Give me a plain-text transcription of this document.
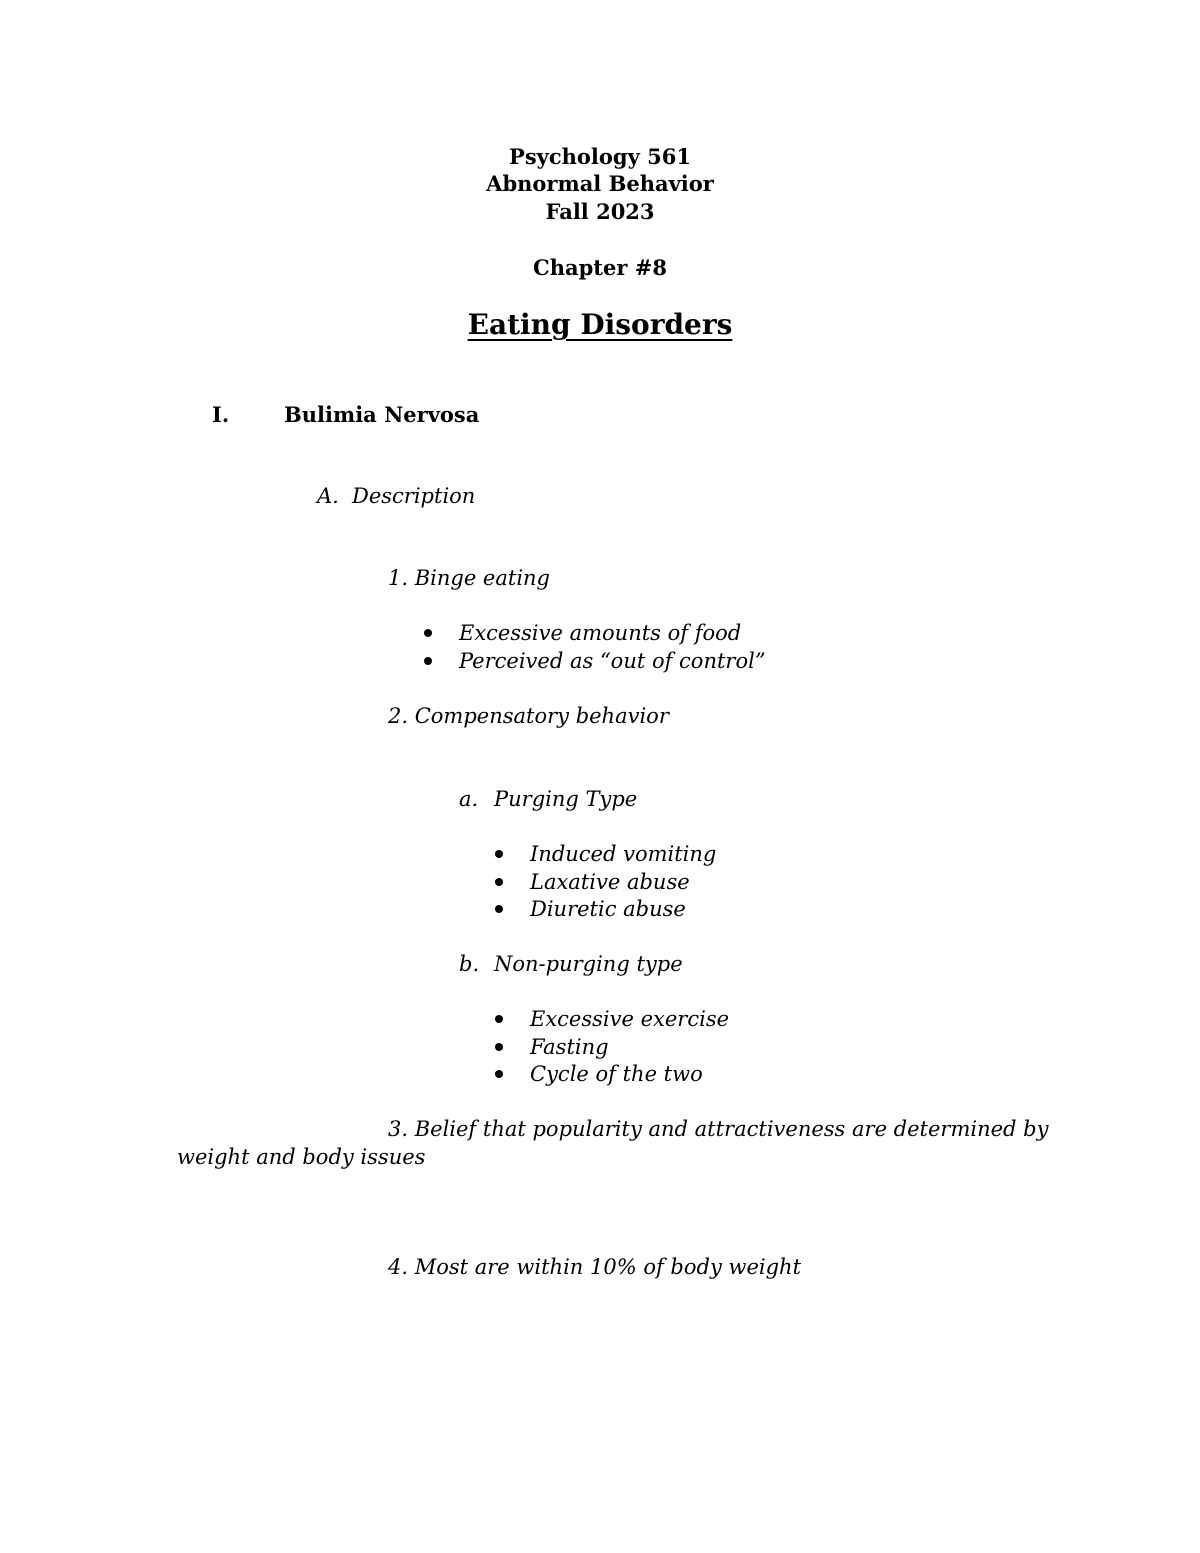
Psychology 561
Abnormal Behavior
Fall 2023
Chapter #8
Eating Disorders
I.	Bulimia Nervosa
A. Description
1. Binge eating
Excessive amounts of food
Perceived as “out of control”
2. Compensatory behavior
a. Purging Type
Induced vomiting
Laxative abuse
Diuretic abuse
b. Non-purging type
Excessive exercise
Fasting
Cycle of the two
3. Belief that popularity and attractiveness are determined by
weight and body issues
4. Most are within 10% of body weight
